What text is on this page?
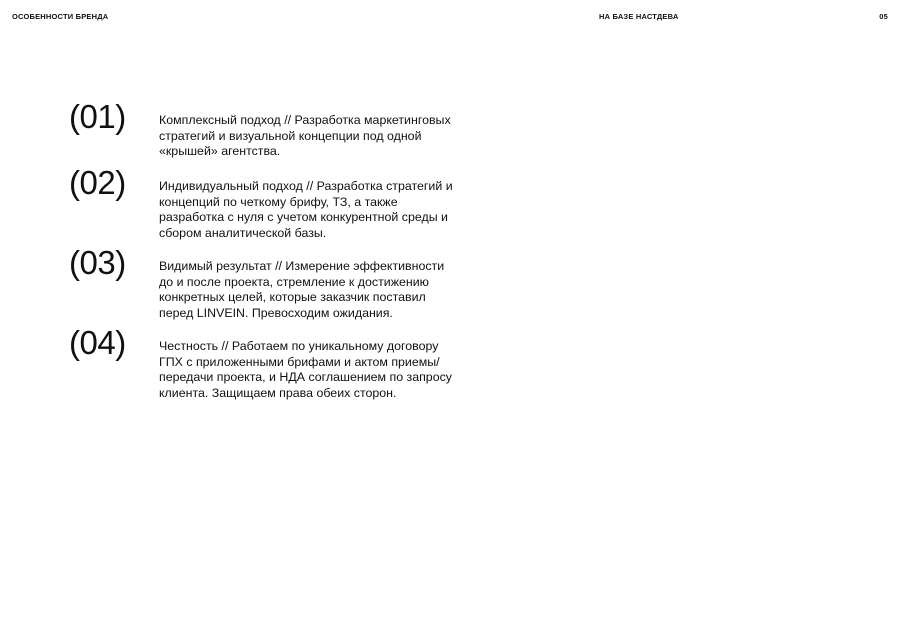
ОСОБЕННОСТИ БРЕНДА	НА БАЗЕ НАСТДЕВА	05
(01)	Комплексный подход // Разработка маркетинговых стратегий и визуальной концепции под одной «крышей» агентства.
(02)	Индивидуальный подход // Разработка стратегий и концепций по четкому брифу, ТЗ, а также разработка с нуля с учетом конкурентной среды и сбором аналитической базы.
(03)	Видимый результат // Измерение эффективности до и после проекта, стремление к достижению конкретных целей, которые заказчик поставил перед LINVEIN. Превосходим ожидания.
(04)	Честность // Работаем по уникальному договору ГПХ с приложенными брифами и актом приемы/передачи проекта, и НДА соглашением по запросу клиента. Защищаем права обеих сторон.
